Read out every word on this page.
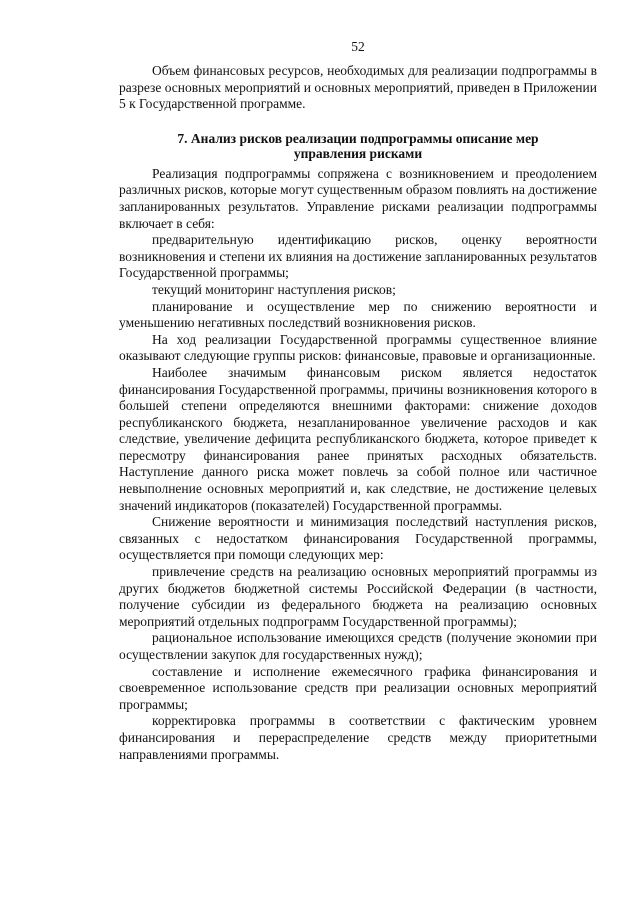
52

Объем финансовых ресурсов, необходимых для реализации подпрограммы в разрезе основных мероприятий и основных мероприятий, приведен в Приложении 5 к Государственной программе.

7. Анализ рисков реализации подпрограммы описание мер управления рисками

Реализация подпрограммы сопряжена с возникновением и преодолением различных рисков, которые могут существенным образом повлиять на достижение запланированных результатов. Управление рисками реализации подпрограммы включает в себя:

предварительную идентификацию рисков, оценку вероятности возникновения и степени их влияния на достижение запланированных результатов Государственной программы;

текущий мониторинг наступления рисков;

планирование и осуществление мер по снижению вероятности и уменьшению негативных последствий возникновения рисков.

На ход реализации Государственной программы существенное влияние оказывают следующие группы рисков: финансовые, правовые и организационные.

Наиболее значимым финансовым риском является недостаток финансирования Государственной программы, причины возникновения которого в большей степени определяются внешними факторами: снижение доходов республиканского бюджета, незапланированное увеличение расходов и как следствие, увеличение дефицита республиканского бюджета, которое приведет к пересмотру финансирования ранее принятых расходных обязательств. Наступление данного риска может повлечь за собой полное или частичное невыполнение основных мероприятий и, как следствие, не достижение целевых значений индикаторов (показателей) Государственной программы.

Снижение вероятности и минимизация последствий наступления рисков, связанных с недостатком финансирования Государственной программы, осуществляется при помощи следующих мер:

привлечение средств на реализацию основных мероприятий программы из других бюджетов бюджетной системы Российской Федерации (в частности, получение субсидии из федерального бюджета на реализацию основных мероприятий отдельных подпрограмм Государственной программы);

рациональное использование имеющихся средств (получение экономии при осуществлении закупок для государственных нужд);

составление и исполнение ежемесячного графика финансирования и своевременное использование средств при реализации основных мероприятий программы;

корректировка программы в соответствии с фактическим уровнем финансирования и перераспределение средств между приоритетными направлениями программы.
